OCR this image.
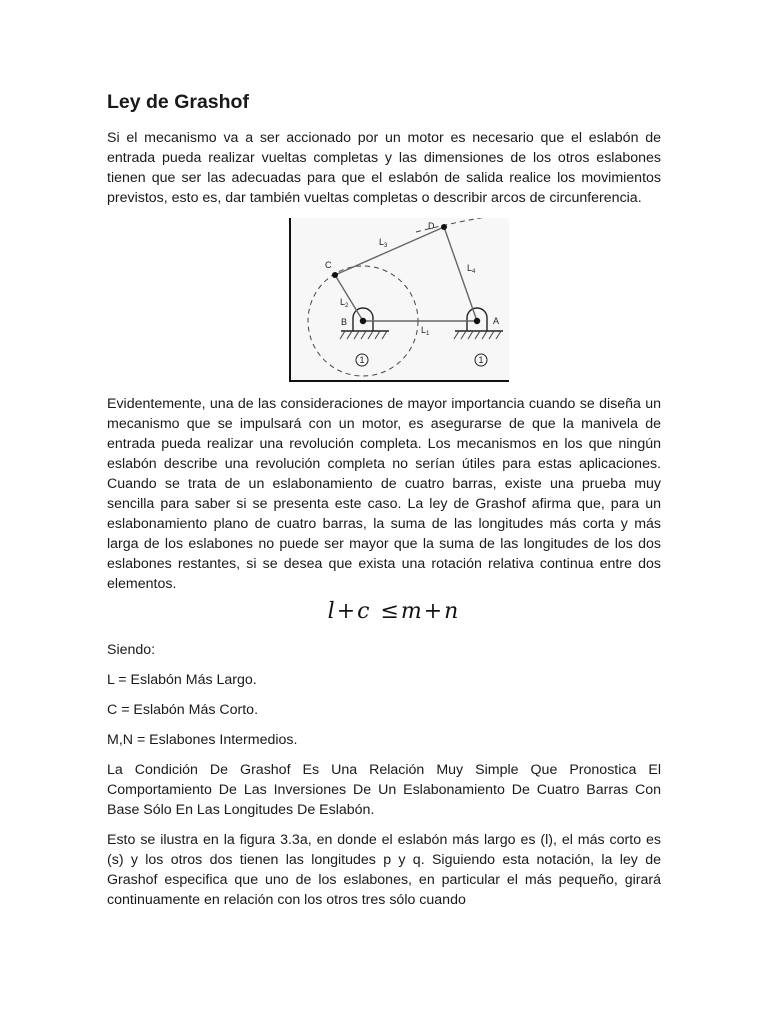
Ley de Grashof

Si el mecanismo va a ser accionado por un motor es necesario que el eslabón de entrada pueda realizar vueltas completas y las dimensiones de los otros eslabones tienen que ser las adecuadas para que el eslabón de salida realice los movimientos previstos, esto es, dar también vueltas completas o describir arcos de circunferencia.

B	A
C
D
L 2
L 3
L 4
L 1
1	1

Evidentemente, una de las consideraciones de mayor importancia cuando se diseña un mecanismo que se impulsará con un motor, es asegurarse de que la manivela de entrada pueda realizar una revolución completa. Los mecanismos en los que ningún eslabón describe una revolución completa no serían útiles para estas aplicaciones. Cuando se trata de un eslabonamiento de cuatro barras, existe una prueba muy sencilla para saber si se presenta este caso. La ley de Grashof afirma que, para un eslabonamiento plano de cuatro barras, la suma de las longitudes más corta y más larga de los eslabones no puede ser mayor que la suma de las longitudes de los dos eslabones restantes, si se desea que exista una rotación relativa continua entre dos elementos.

l+c ≤m+n

Siendo:

L = Eslabón Más Largo.

C = Eslabón Más Corto.

M,N = Eslabones Intermedios.

La Condición De Grashof Es Una Relación Muy Simple Que Pronostica El Comportamiento De Las Inversiones De Un Eslabonamiento De Cuatro Barras Con Base Sólo En Las Longitudes De Eslabón.

Esto se ilustra en la figura 3.3a, en donde el eslabón más largo es (l), el más corto es (s) y los otros dos tienen las longitudes p y q. Siguiendo esta notación, la ley de Grashof especifica que uno de los eslabones, en particular el más pequeño, girará continuamente en relación con los otros tres sólo cuando
